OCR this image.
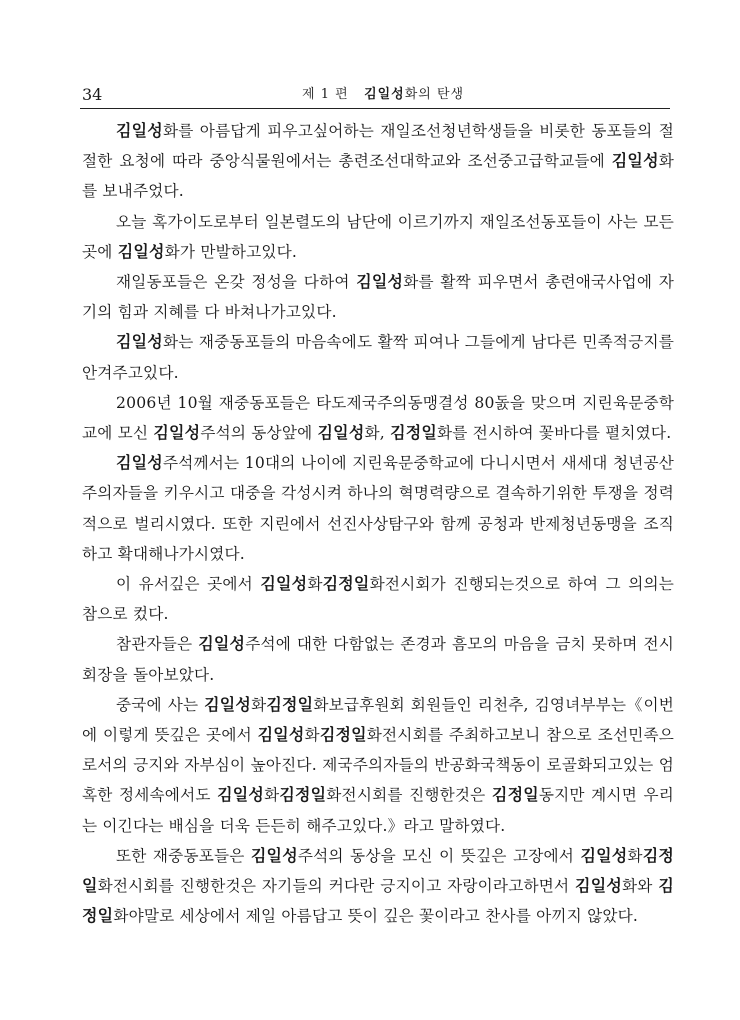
34	제 1 편 김일성화의 탄생

김일성화를 아름답게 피우고싶어하는 재일조선청년학생들을 비롯한 동포들의 절절한 요청에 따라 중앙식물원에서는 총련조선대학교와 조선중고급학교들에 김일성화를 보내주었다.

오늘 혹가이도로부터 일본렬도의 남단에 이르기까지 재일조선동포들이 사는 모든 곳에 김일성화가 만발하고있다.

재일동포들은 온갖 정성을 다하여 김일성화를 활짝 피우면서 총련애국사업에 자기의 힘과 지혜를 다 바쳐나가고있다.

김일성화는 재중동포들의 마음속에도 활짝 피여나 그들에게 남다른 민족적긍지를 안겨주고있다.

2006년 10월 재중동포들은 타도제국주의동맹결성 80돐을 맞으며 지린육문중학교에 모신 김일성주석의 동상앞에 김일성화, 김정일화를 전시하여 꽃바다를 펼치였다.

김일성주석께서는 10대의 나이에 지린육문중학교에 다니시면서 새세대 청년공산주의자들을 키우시고 대중을 각성시켜 하나의 혁명력량으로 결속하기위한 투쟁을 정력적으로 벌리시였다. 또한 지린에서 선진사상탐구와 함께 공청과 반제청년동맹을 조직하고 확대해나가시였다.

이 유서깊은 곳에서 김일성화김정일화전시회가 진행되는것으로 하여 그 의의는 참으로 컸다.

참관자들은 김일성주석에 대한 다함없는 존경과 흠모의 마음을 금치 못하며 전시회장을 돌아보았다.

중국에 사는 김일성화김정일화보급후원회 회원들인 리천추, 김영녀부부는《이번에 이렇게 뜻깊은 곳에서 김일성화김정일화전시회를 주최하고보니 참으로 조선민족으로서의 긍지와 자부심이 높아진다. 제국주의자들의 반공화국책동이 로골화되고있는 엄혹한 정세속에서도 김일성화김정일화전시회를 진행한것은 김정일동지만 계시면 우리는 이긴다는 배심을 더욱 든든히 해주고있다.》라고 말하였다.

또한 재중동포들은 김일성주석의 동상을 모신 이 뜻깊은 고장에서 김일성화김정일화전시회를 진행한것은 자기들의 커다란 긍지이고 자랑이라고하면서 김일성화와 김정일화야말로 세상에서 제일 아름답고 뜻이 깊은 꽃이라고 찬사를 아끼지 않았다.
